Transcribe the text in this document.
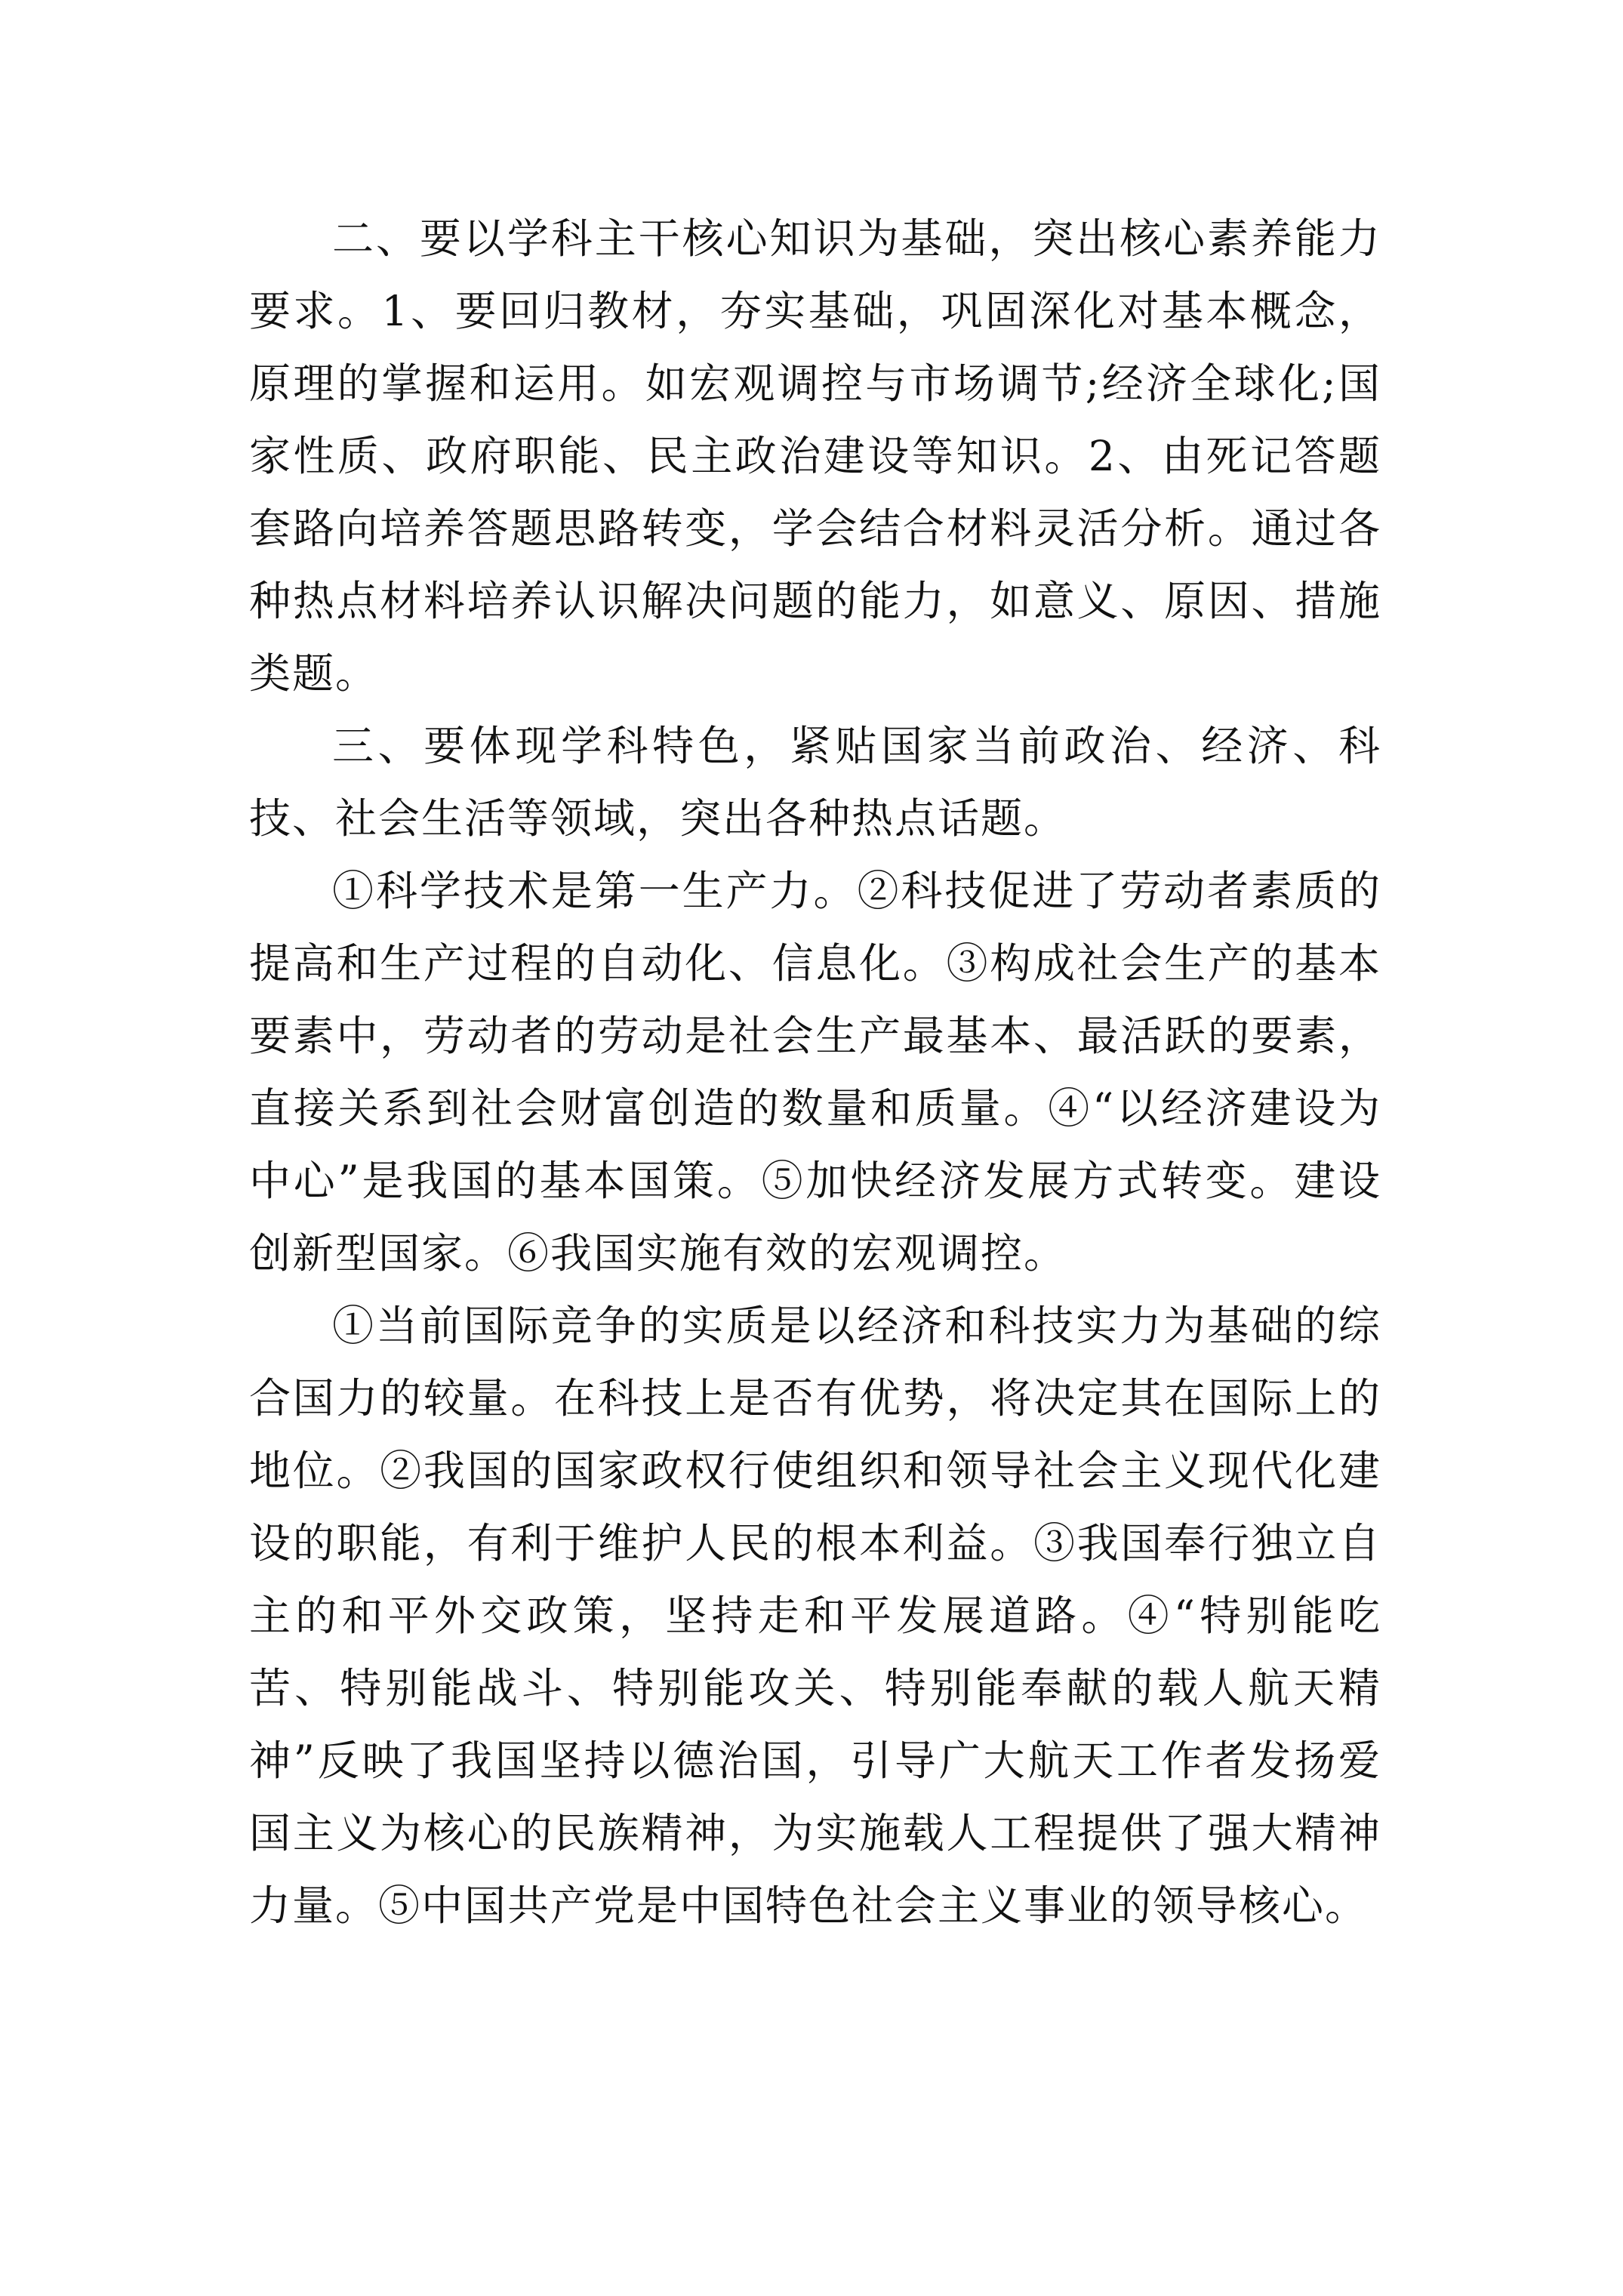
二、要以学科主干核心知识为基础，突出核心素养能力要求。1、要回归教材，夯实基础，巩固深化对基本概念，原理的掌握和运用。如宏观调控与市场调节;经济全球化;国家性质、政府职能、民主政治建设等知识。2、由死记答题套路向培养答题思路转变，学会结合材料灵活分析。通过各种热点材料培养认识解决问题的能力，如意义、原因、措施类题。

三、要体现学科特色，紧贴国家当前政治、经济、科技、社会生活等领域，突出各种热点话题。

①科学技术是第一生产力。②科技促进了劳动者素质的提高和生产过程的自动化、信息化。③构成社会生产的基本要素中，劳动者的劳动是社会生产最基本、最活跃的要素，直接关系到社会财富创造的数量和质量。④“以经济建设为中心”是我国的基本国策。⑤加快经济发展方式转变。建设创新型国家。⑥我国实施有效的宏观调控。

①当前国际竞争的实质是以经济和科技实力为基础的综合国力的较量。在科技上是否有优势，将决定其在国际上的地位。②我国的国家政权行使组织和领导社会主义现代化建设的职能，有利于维护人民的根本利益。③我国奉行独立自主的和平外交政策，坚持走和平发展道路。④“特别能吃苦、特别能战斗、特别能攻关、特别能奉献的载人航天精神”反映了我国坚持以德治国，引导广大航天工作者发扬爱国主义为核心的民族精神，为实施载人工程提供了强大精神力量。⑤中国共产党是中国特色社会主义事业的领导核心。
